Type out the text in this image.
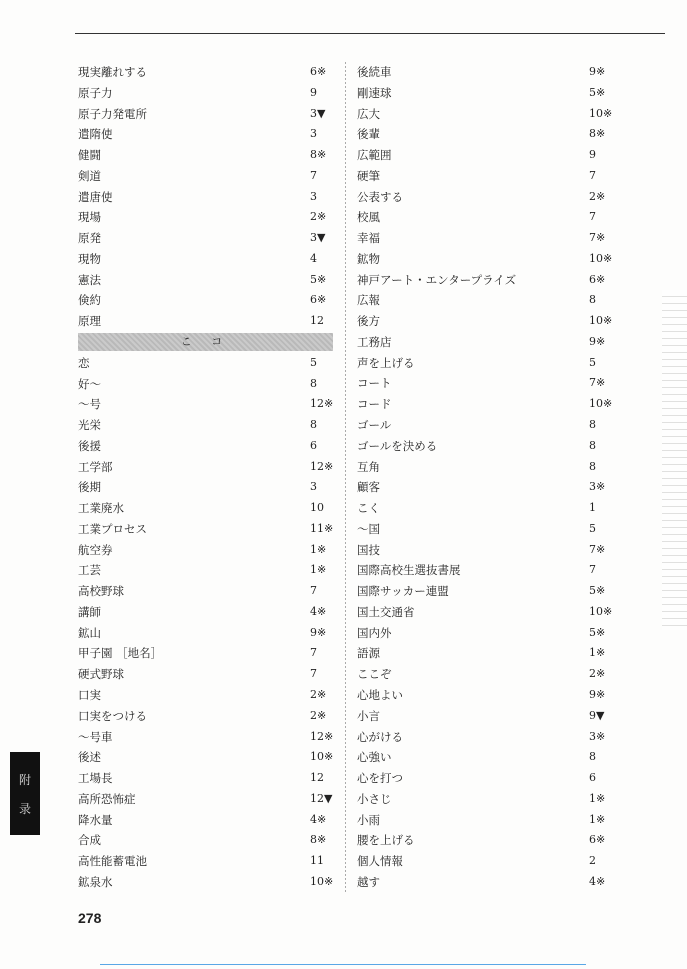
現実離れする	6※
原子力	9
原子力発電所	3▼
遣隋使	3
健闘	8※
剣道	7
遣唐使	3
現場	2※
原発	3▼
現物	4
憲法	5※
倹約	6※
原理	12
こ コ
恋	5
好〜	8
〜号	12※
光栄	8
後援	6
工学部	12※
後期	3
工業廃水	10
工業プロセス	11※
航空券	1※
工芸	1※
高校野球	7
講師	4※
鉱山	9※
甲子園 ［地名］	7
硬式野球	7
口実	2※
口実をつける	2※
〜号車	12※
後述	10※
工場長	12
高所恐怖症	12▼
降水量	4※
合成	8※
高性能蓄電池	11
鉱泉水	10※
後続車	9※
剛速球	5※
広大	10※
後輩	8※
広範囲	9
硬筆	7
公表する	2※
校風	7
幸福	7※
鉱物	10※
神戸アート・エンタープライズ	6※
広報	8
後方	10※
工務店	9※
声を上げる	5
コート	7※
コード	10※
ゴール	8
ゴールを決める	8
互角	8
顧客	3※
こく	1
〜国	5
国技	7※
国際高校生選抜書展	7
国際サッカー連盟	5※
国土交通省	10※
国内外	5※
語源	1※
ここぞ	2※
心地よい	9※
小言	9▼
心がける	3※
心強い	8
心を打つ	6
小さじ	1※
小雨	1※
腰を上げる	6※
個人情報	2
越す	4※
附
录
278
